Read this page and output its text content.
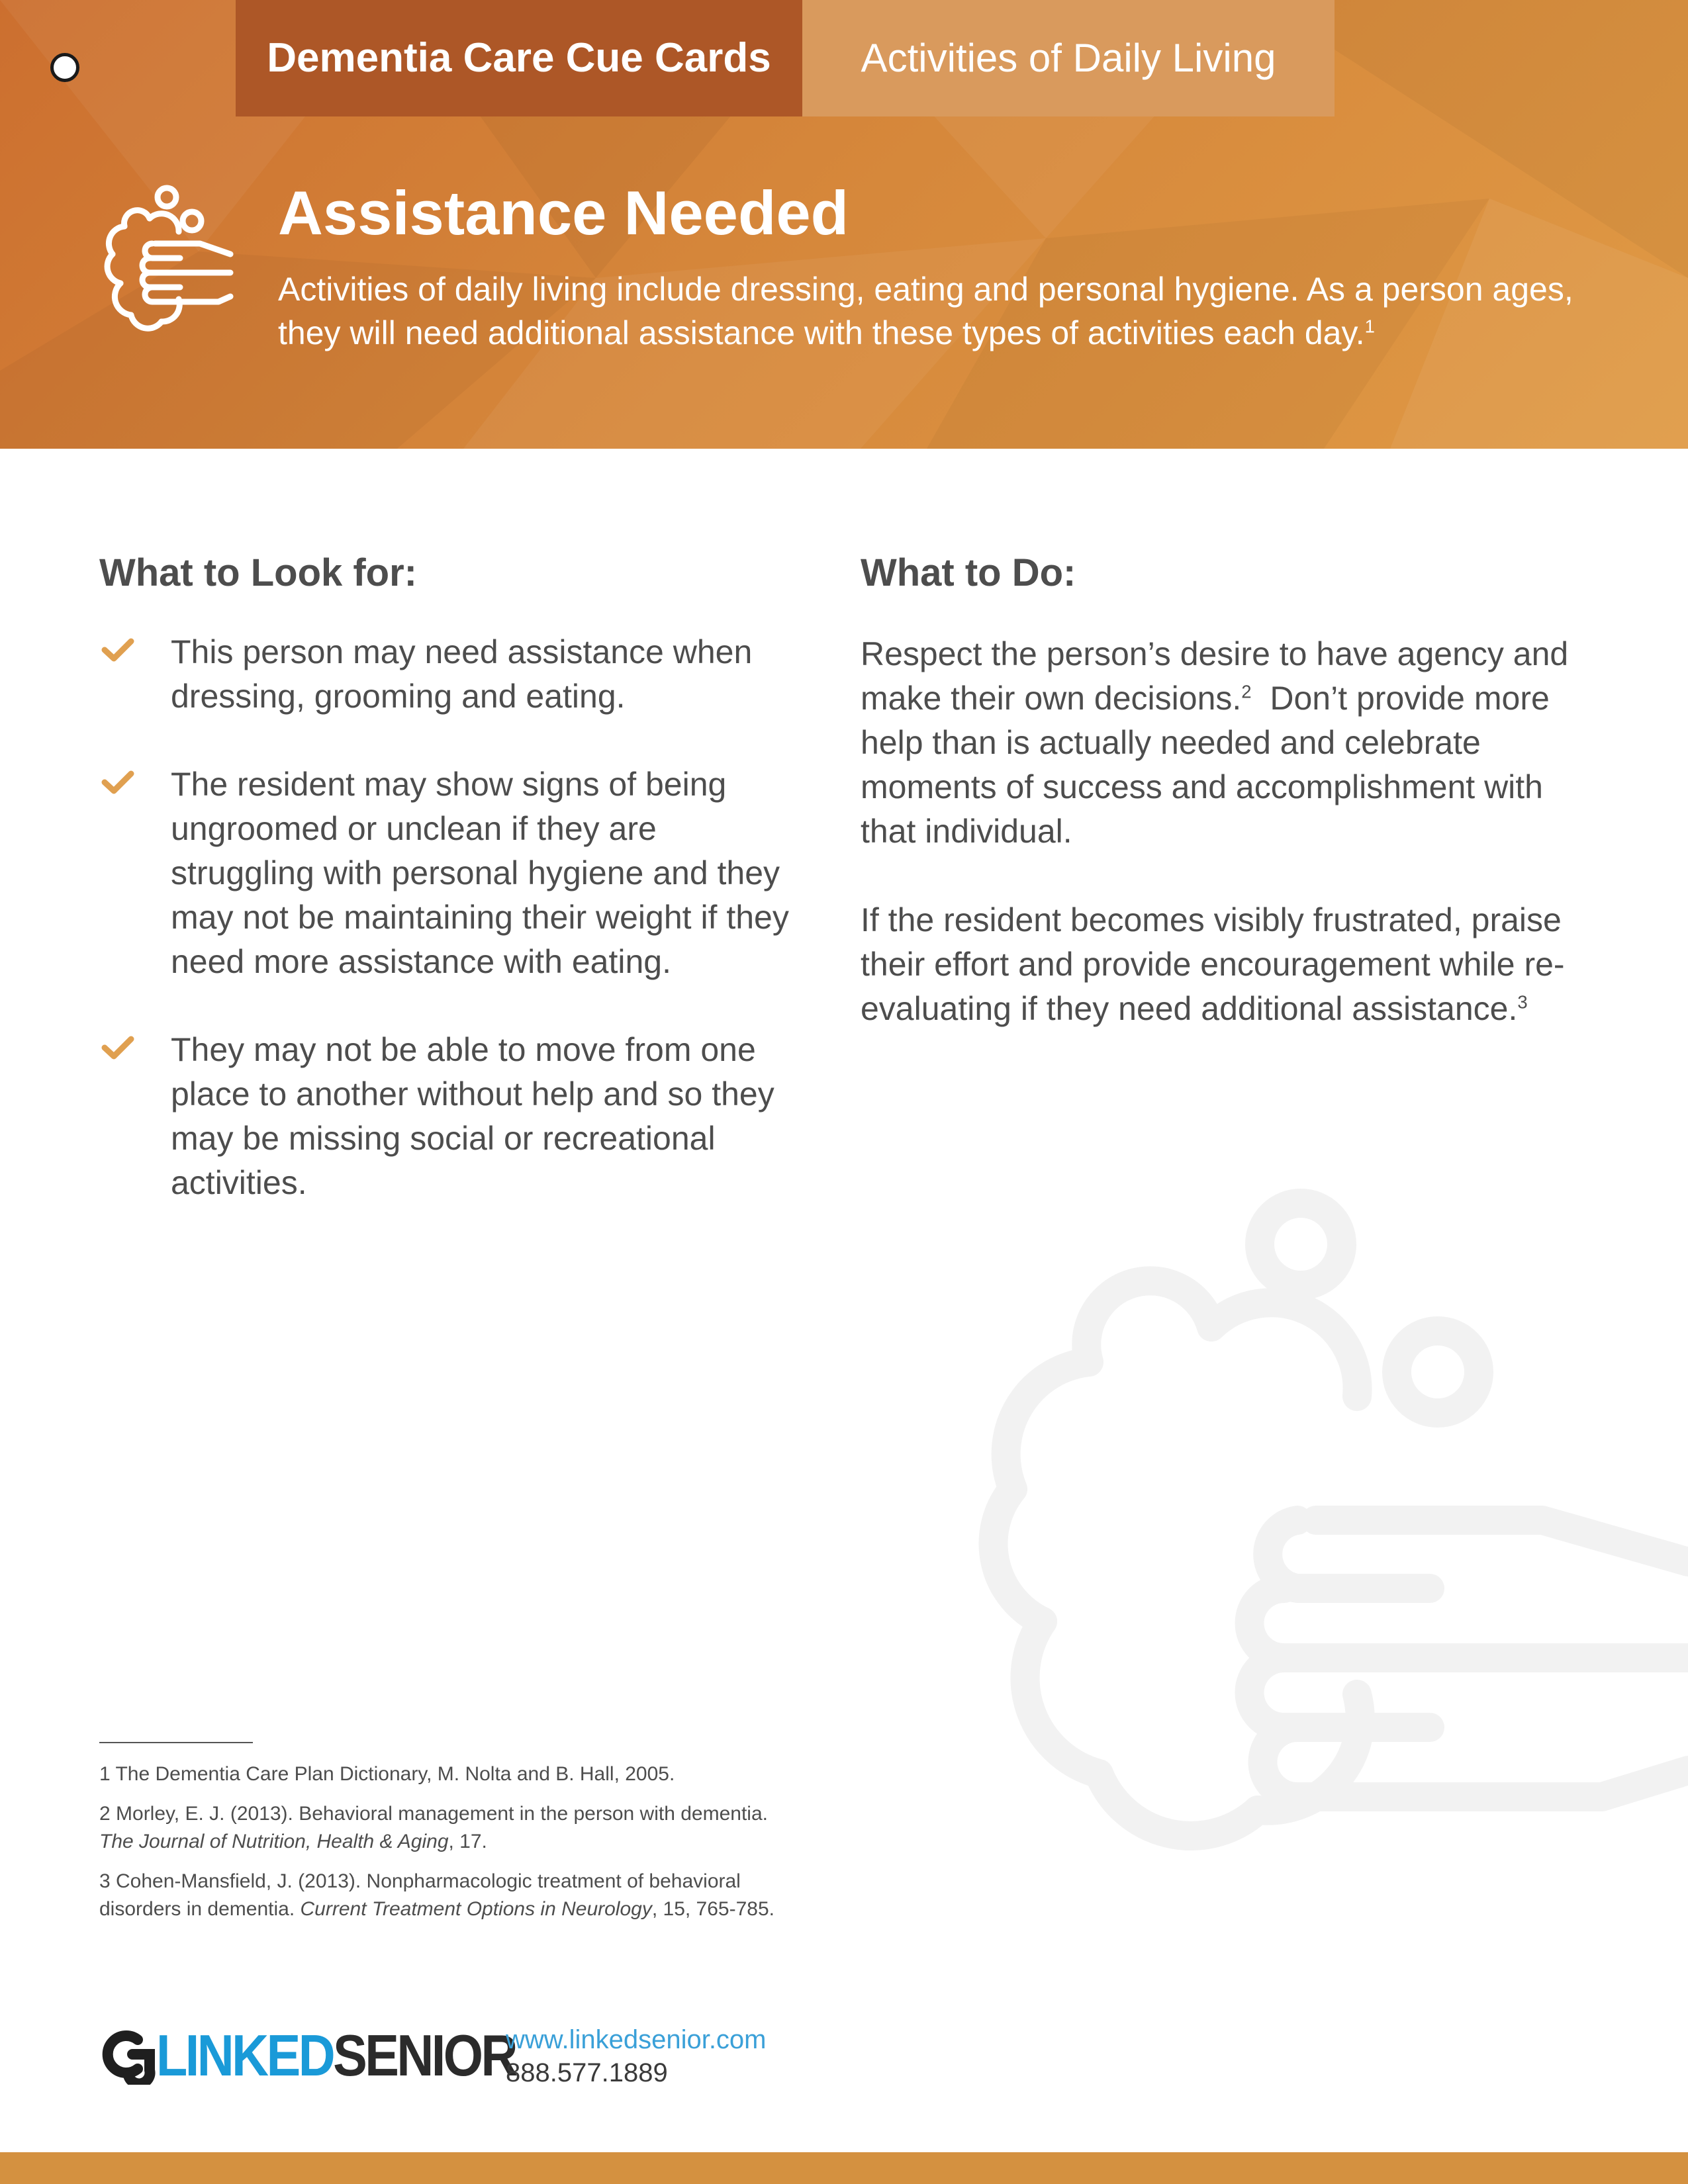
Dementia Care Cue Cards	Activities of Daily Living
Assistance Needed

Activities of daily living include dressing, eating and personal hygiene. As a person ages, they will need additional assistance with these types of activities each day.$^1$

What to Look for:
This person may need assistance when dressing, grooming and eating.
The resident may show signs of being ungroomed or unclean if they are struggling with personal hygiene and they may not be maintaining their weight if they need more assistance with eating.
They may not be able to move from one place to another without help and so they may be missing social or recreational activities.
What to Do:

Respect the person’s desire to have agency and make their own decisions.$^2$ Don’t provide more help than is actually needed and celebrate moments of success and accomplishment with that individual.

If the resident becomes visibly frustrated, praise their effort and provide encouragement while re-evaluating if they need additional assistance.$^3$

1 The Dementia Care Plan Dictionary, M. Nolta and B. Hall, 2005.

2 Morley, E. J. (2013). Behavioral management in the person with dementia.
The Journal of Nutrition, Health & Aging, 17.

3 Cohen-Mansfield, J. (2013). Nonpharmacologic treatment of behavioral disorders in dementia. Current Treatment Options in Neurology, 15, 765-785.

LINKEDSENIOR
www.linkedsenior.com
888.577.1889
